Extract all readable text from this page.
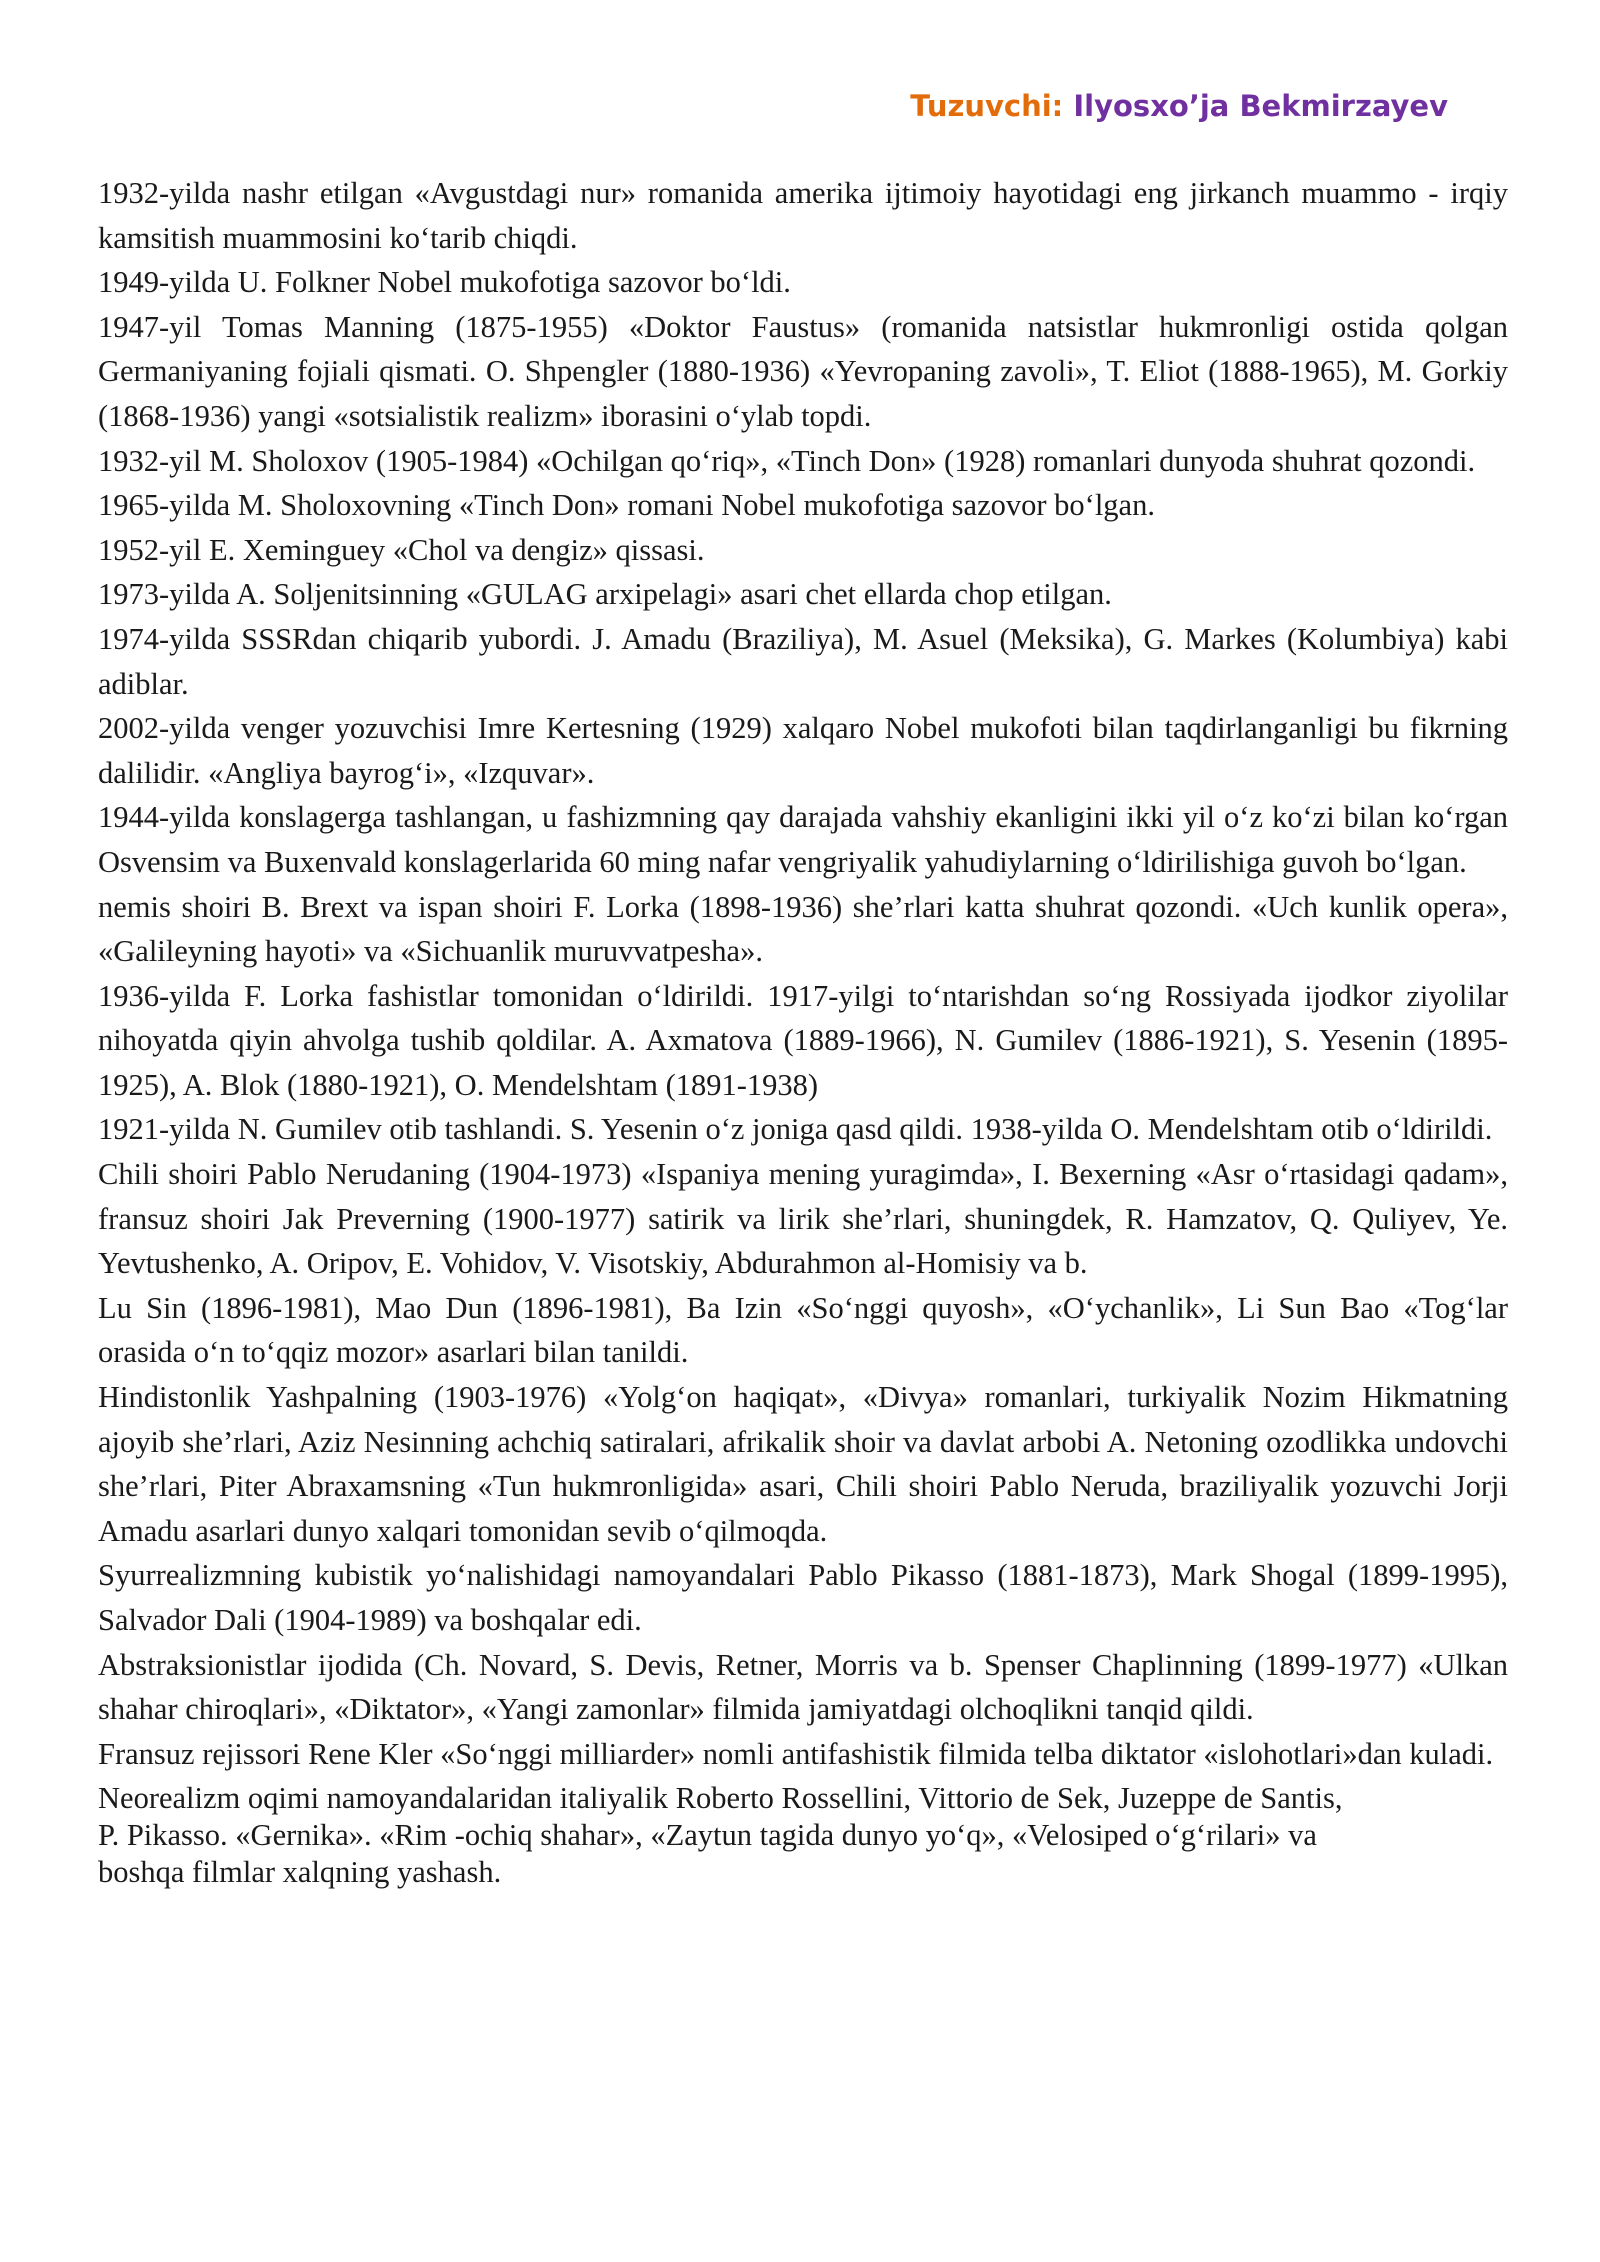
Tuzuvchi: Ilyosxo’ja Bekmirzayev

1932-yilda nashr etilgan «Avgustdagi nur» romanida amerika ijtimoiy hayotidagi eng jirkanch muammo - irqiy kamsitish muammosini ko‘tarib chiqdi.

1949-yilda U. Folkner Nobel mukofotiga sazovor bo‘ldi.

1947-yil Tomas Manning (1875-1955) «Doktor Faustus» (romanida natsistlar hukmronligi ostida qolgan Germaniyaning fojiali qismati. O. Shpengler (1880-1936) «Yevropaning zavoli», T. Eliot (1888-1965), M. Gorkiy (1868-1936) yangi «sotsialistik realizm» iborasini o‘ylab topdi.

1932-yil M. Sholoxov (1905-1984) «Ochilgan qo‘riq», «Tinch Don» (1928) romanlari dunyoda shuhrat qozondi.

1965-yilda M. Sholoxovning «Tinch Don» romani Nobel mukofotiga sazovor bo‘lgan.

1952-yil E. Xeminguey «Chol va dengiz» qissasi.

1973-yilda A. Soljenitsinning «GULAG arxipelagi» asari chet ellarda chop etilgan.

1974-yilda SSSRdan chiqarib yubordi. J. Amadu (Braziliya), M. Asuel (Meksika), G. Markes (Kolumbiya) kabi adiblar.

2002-yilda venger yozuvchisi Imre Kertesning (1929) xalqaro Nobel mukofoti bilan taqdirlanganligi bu fikrning dalilidir. «Angliya bayrog‘i», «Izquvar».

1944-yilda konslagerga tashlangan, u fashizmning qay darajada vahshiy ekanligini ikki yil o‘z ko‘zi bilan ko‘rgan Osvensim va Buxenvald konslagerlarida 60 ming nafar vengriyalik yahudiylarning o‘ldirilishiga guvoh bo‘lgan.

nemis shoiri B. Brext va ispan shoiri F. Lorka (1898-1936) she’rlari katta shuhrat qozondi. «Uch kunlik opera», «Galileyning hayoti» va «Sichuanlik muruvvatpesha».

1936-yilda F. Lorka fashistlar tomonidan o‘ldirildi. 1917-yilgi to‘ntarishdan so‘ng Rossiyada ijodkor ziyolilar nihoyatda qiyin ahvolga tushib qoldilar. A. Axmatova (1889-1966), N. Gumilev (1886-1921), S. Yesenin (1895-1925), A. Blok (1880-1921), O. Mendelshtam (1891-1938)

1921-yilda N. Gumilev otib tashlandi. S. Yesenin o‘z joniga qasd qildi. 1938-yilda O. Mendelshtam otib o‘ldirildi.

Chili shoiri Pablo Nerudaning (1904-1973) «Ispaniya mening yuragimda», I. Bexerning «Asr o‘rtasidagi qadam», fransuz shoiri Jak Preverning (1900-1977) satirik va lirik she’rlari, shuningdek, R. Hamzatov, Q. Quliyev, Ye. Yevtushenko, A. Oripov, E. Vohidov, V. Visotskiy, Abdurahmon al-Homisiy va b.

Lu Sin (1896-1981), Mao Dun (1896-1981), Ba Izin «So‘nggi quyosh», «O‘ychanlik», Li Sun Bao «Tog‘lar orasida o‘n to‘qqiz mozor» asarlari bilan tanildi.

Hindistonlik Yashpalning (1903-1976) «Yolg‘on haqiqat», «Divya» romanlari, turkiyalik Nozim Hikmatning ajoyib she’rlari, Aziz Nesinning achchiq satiralari, afrikalik shoir va davlat arbobi A. Netoning ozodlikka undovchi she’rlari, Piter Abraxamsning «Tun hukmronligida» asari, Chili shoiri Pablo Neruda, braziliyalik yozuvchi Jorji Amadu asarlari dunyo xalqari tomonidan sevib o‘qilmoqda.

Syurrealizmning kubistik yo‘nalishidagi namoyandalari Pablo Pikasso (1881-1873), Mark Shogal (1899-1995), Salvador Dali (1904-1989) va boshqalar edi.

Abstraksionistlar ijodida (Ch. Novard, S. Devis, Retner, Morris va b. Spenser Chaplinning (1899-1977) «Ulkan shahar chiroqlari», «Diktator», «Yangi zamonlar» filmida jamiyatdagi olchoqlikni tanqid qildi.

Fransuz rejissori Rene Kler «So‘nggi milliarder» nomli antifashistik filmida telba diktator «islohotlari»dan kuladi.

Neorealizm oqimi namoyandalaridan italiyalik Roberto Rossellini, Vittorio de Sek, Juzeppe de Santis,
P. Pikasso. «Gernika». «Rim -ochiq shahar», «Zaytun tagida dunyo yo‘q», «Velosiped o‘g‘rilari» va
boshqa filmlar xalqning yashash.
